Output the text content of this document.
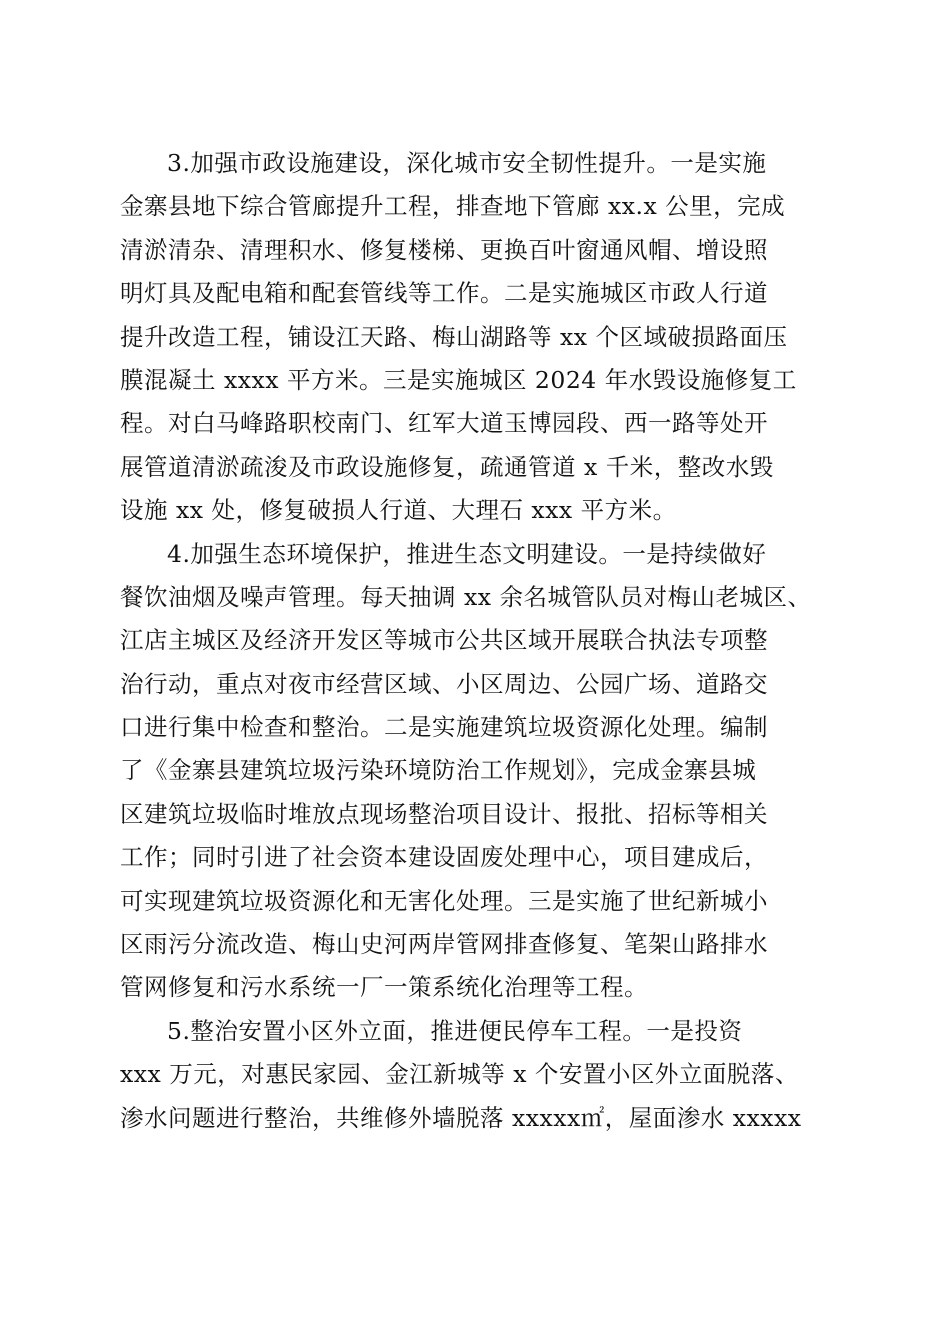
3.加强市政设施建设，深化城市安全韧性提升。一是实施
金寨县地下综合管廊提升工程，排查地下管廊 xx.x 公里，完成
清淤清杂、清理积水、修复楼梯、更换百叶窗通风帽、增设照
明灯具及配电箱和配套管线等工作。二是实施城区市政人行道
提升改造工程，铺设江天路、梅山湖路等 xx 个区域破损路面压
膜混凝土 xxxx 平方米。三是实施城区 2024 年水毁设施修复工
程。对白马峰路职校南门、红军大道玉博园段、西一路等处开
展管道清淤疏浚及市政设施修复，疏通管道 x 千米，整改水毁
设施 xx 处，修复破损人行道、大理石 xxx 平方米。
4.加强生态环境保护，推进生态文明建设。一是持续做好
餐饮油烟及噪声管理。每天抽调 xx 余名城管队员对梅山老城区、
江店主城区及经济开发区等城市公共区域开展联合执法专项整
治行动，重点对夜市经营区域、小区周边、公园广场、道路交
口进行集中检查和整治。二是实施建筑垃圾资源化处理。编制
了《金寨县建筑垃圾污染环境防治工作规划》，完成金寨县城
区建筑垃圾临时堆放点现场整治项目设计、报批、招标等相关
工作；同时引进了社会资本建设固废处理中心，项目建成后，
可实现建筑垃圾资源化和无害化处理。三是实施了世纪新城小
区雨污分流改造、梅山史河两岸管网排查修复、笔架山路排水
管网修复和污水系统一厂一策系统化治理等工程。
5.整治安置小区外立面，推进便民停车工程。一是投资
xxx 万元，对惠民家园、金江新城等 x 个安置小区外立面脱落、
渗水问题进行整治，共维修外墙脱落 xxxxx㎡，屋面渗水 xxxxx
